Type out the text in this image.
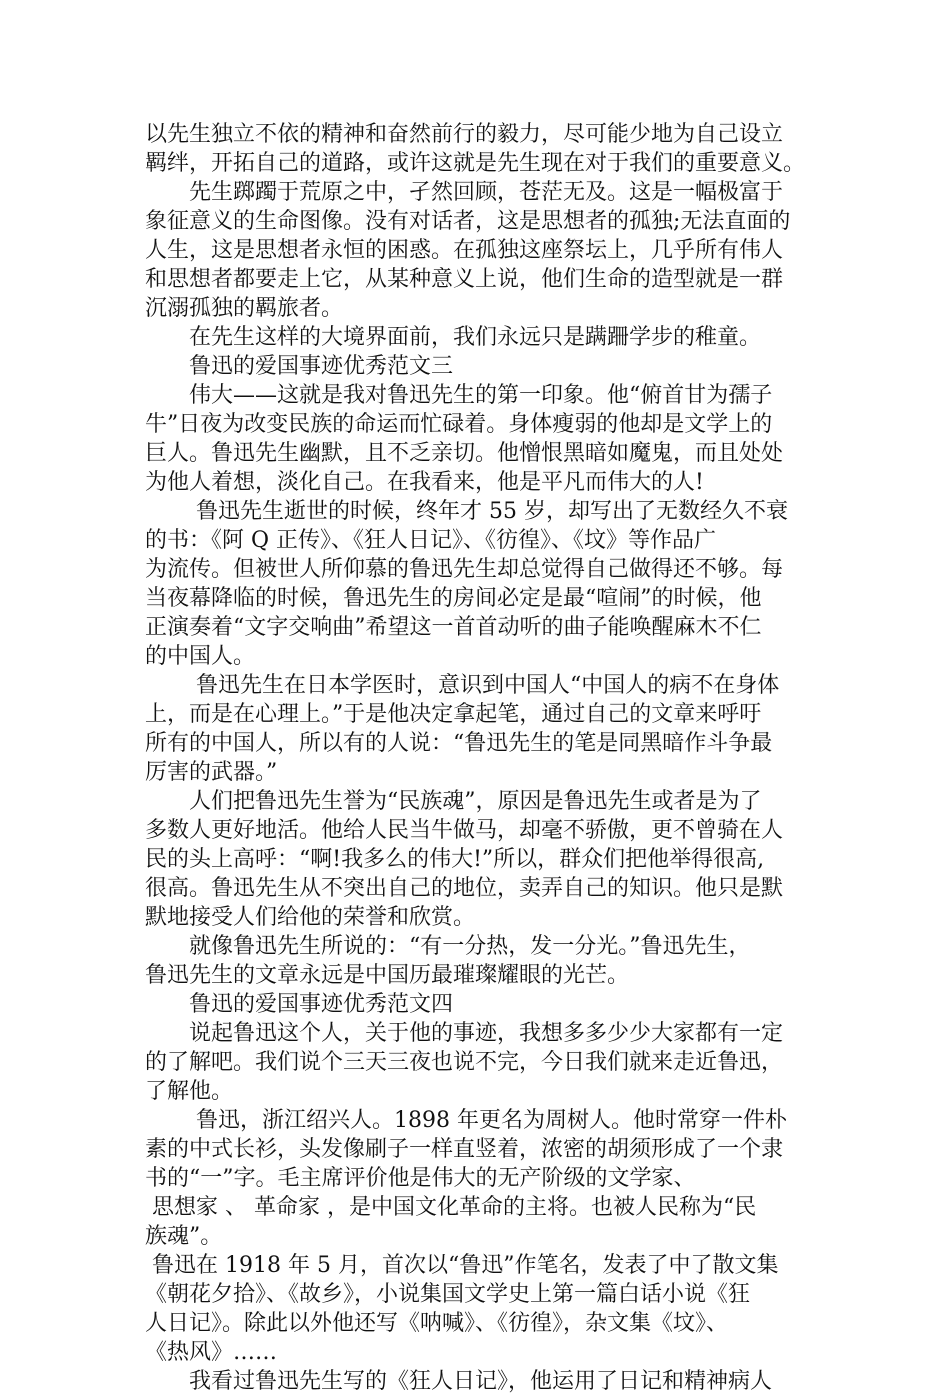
以先生独立不依的精神和奋然前行的毅力，尽可能少地为自己设立
羁绊，开拓自己的道路，或许这就是先生现在对于我们的重要意义。
　　先生踯躅于荒原之中，孑然回顾，苍茫无及。这是一幅极富于
象征意义的生命图像。没有对话者，这是思想者的孤独;无法直面的
人生，这是思想者永恒的困惑。在孤独这座祭坛上，几乎所有伟人
和思想者都要走上它，从某种意义上说，他们生命的造型就是一群
沉溺孤独的羁旅者。
　　在先生这样的大境界面前，我们永远只是蹒跚学步的稚童。
　　鲁迅的爱国事迹优秀范文三
　　伟大——这就是我对鲁迅先生的第一印象。他“俯首甘为孺子
牛”日夜为改变民族的命运而忙碌着。身体瘦弱的他却是文学上的
巨人。鲁迅先生幽默，且不乏亲切。他憎恨黑暗如魔鬼，而且处处
为他人着想，淡化自己。在我看来，他是平凡而伟大的人!
　　 鲁迅先生逝世的时候，终年才 55 岁，却写出了无数经久不衰
的书：《阿 Q 正传》、《狂人日记》、《彷徨》、《坟》等作品广
为流传。但被世人所仰慕的鲁迅先生却总觉得自己做得还不够。每
当夜幕降临的时候，鲁迅先生的房间必定是最“喧闹”的时候，他
正演奏着“文字交响曲”希望这一首首动听的曲子能唤醒麻木不仁
的中国人。
　　 鲁迅先生在日本学医时，意识到中国人“中国人的病不在身体
上，而是在心理上。”于是他决定拿起笔，通过自己的文章来呼吁
所有的中国人，所以有的人说：“鲁迅先生的笔是同黑暗作斗争最
厉害的武器。”
　　人们把鲁迅先生誉为“民族魂”，原因是鲁迅先生或者是为了
多数人更好地活。他给人民当牛做马，却毫不骄傲，更不曾骑在人
民的头上高呼：“啊!我多么的伟大!”所以，群众们把他举得很高,
很高。鲁迅先生从不突出自己的地位，卖弄自己的知识。他只是默
默地接受人们给他的荣誉和欣赏。
　　就像鲁迅先生所说的：“有一分热，发一分光。”鲁迅先生，
鲁迅先生的文章永远是中国历最璀璨耀眼的光芒。
　　鲁迅的爱国事迹优秀范文四
　　说起鲁迅这个人，关于他的事迹，我想多多少少大家都有一定
的了解吧。我们说个三天三夜也说不完，今日我们就来走近鲁迅，
了解他。
　　 鲁迅，浙江绍兴人。1898 年更名为周树人。他时常穿一件朴
素的中式长衫，头发像刷子一样直竖着，浓密的胡须形成了一个隶
书的“一”字。毛主席评价他是伟大的无产阶级的文学家、
思想家 、 革命家 ，是中国文化革命的主将。也被人民称为“民
族魂”。
鲁迅在 1918 年 5 月，首次以“鲁迅”作笔名，发表了中了散文集
《朝花夕拾》、《故乡》，小说集国文学史上第一篇白话小说《狂
人日记》。除此以外他还写《呐喊》、《彷徨》，杂文集《坟》、
《热风》……
　　我看过鲁迅先生写的《狂人日记》，他运用了日记和精神病人
